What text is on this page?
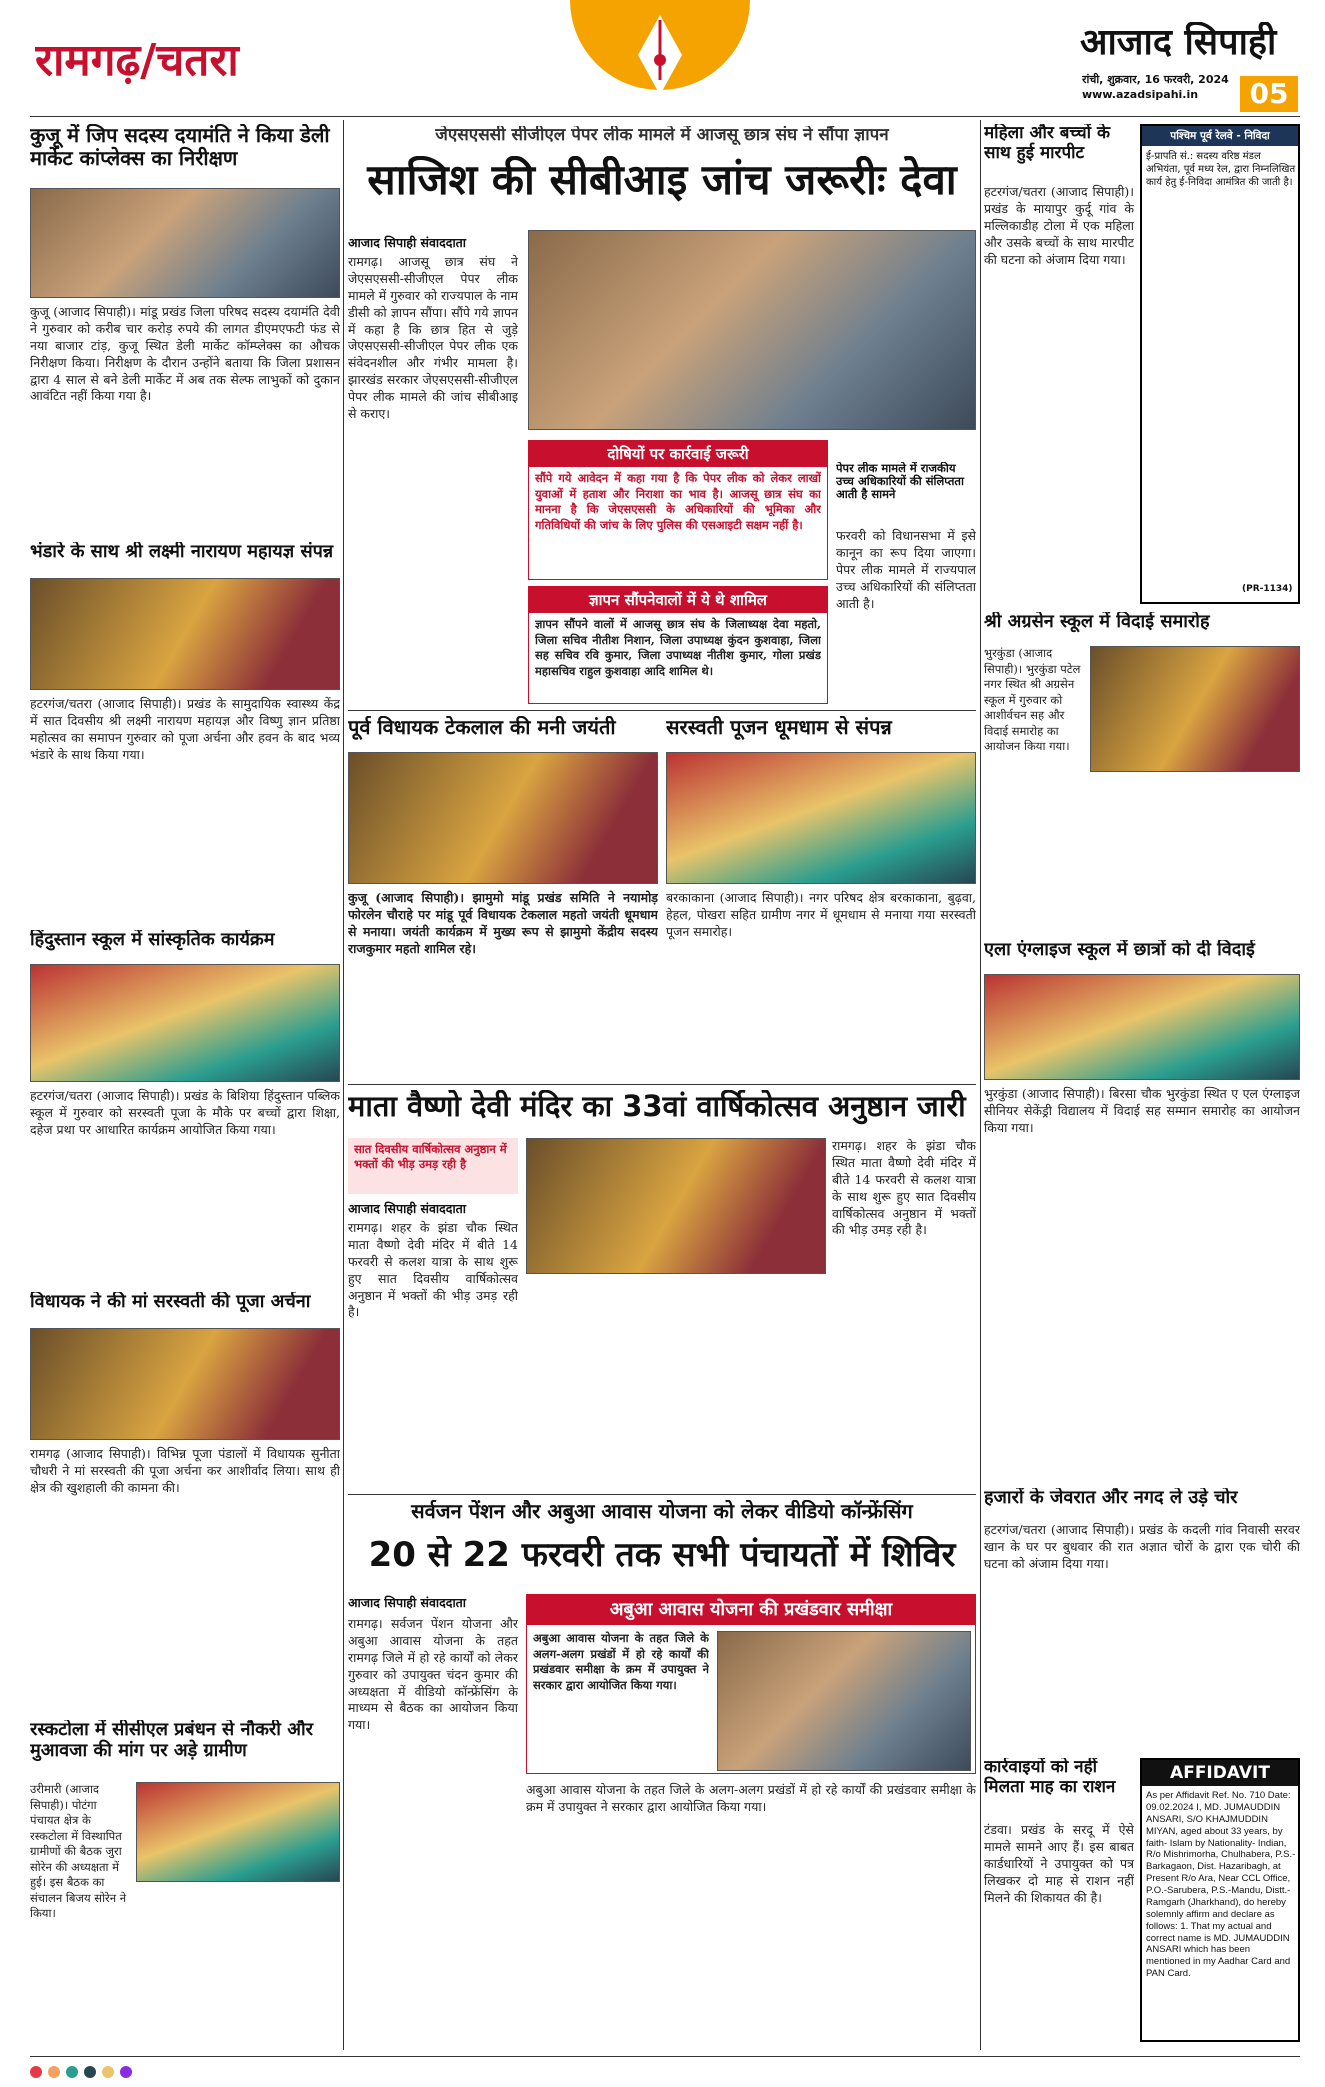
रामगढ़/चतरा	आजाद सिपाही
रांची, शुक्रवार, 16 फरवरी, 2024
www.azadsipahi.in	05
कुजू में जिप सदस्य दयामंति ने किया डेली मार्केट कांप्लेक्स का निरीक्षण
कुजू (आजाद सिपाही)। मांडू प्रखंड जिला परिषद सदस्य दयामंति देवी ने गुरुवार को करीब चार करोड़ रुपये की लागत डीएमएफटी फंड से नया बाजार टांड़, कुजू स्थित डेली मार्केट कॉम्प्लेक्स का औचक निरीक्षण किया। निरीक्षण के दौरान उन्होंने बताया कि जिला प्रशासन द्वारा 4 साल से बने डेली मार्केट में अब तक सेल्फ लाभुकों को दुकान आवंटित नहीं किया गया है।
भंडारे के साथ श्री लक्ष्मी नारायण महायज्ञ संपन्न
हटरगंज/चतरा (आजाद सिपाही)। प्रखंड के सामुदायिक स्वास्थ्य केंद्र में सात दिवसीय श्री लक्ष्मी नारायण महायज्ञ और विष्णु ज्ञान प्रतिष्ठा महोत्सव का समापन गुरुवार को पूजा अर्चना और हवन के बाद भव्य भंडारे के साथ किया गया।
हिंदुस्तान स्कूल में सांस्कृतिक कार्यक्रम
हटरगंज/चतरा (आजाद सिपाही)। प्रखंड के बिशिया हिंदुस्तान पब्लिक स्कूल में गुरुवार को सरस्वती पूजा के मौके पर बच्चों द्वारा शिक्षा, दहेज प्रथा पर आधारित कार्यक्रम आयोजित किया गया।
विधायक ने की मां सरस्वती की पूजा अर्चना
रामगढ़ (आजाद सिपाही)। विभिन्न पूजा पंडालों में विधायक सुनीता चौधरी ने मां सरस्वती की पूजा अर्चना कर आशीर्वाद लिया। साथ ही क्षेत्र की खुशहाली की कामना की।
रस्कटोला में सीसीएल प्रबंधन से नौकरी और मुआवजा की मांग पर अड़े ग्रामीण
उरीमारी (आजाद सिपाही)। पोटंगा पंचायत क्षेत्र के रस्कटोला में विस्थापित ग्रामीणों की बैठक जुरा सोरेन की अध्यक्षता में हुई। इस बैठक का संचालन बिजय सोरेन ने किया।
जेएसएससी सीजीएल पेपर लीक मामले में आजसू छात्र संघ ने सौंपा ज्ञापन
साजिश की सीबीआइ जांच जरूरीः देवा
आजाद सिपाही संवाददाता
रामगढ़। आजसू छात्र संघ ने जेएसएससी-सीजीएल पेपर लीक मामले में गुरुवार को राज्यपाल के नाम डीसी को ज्ञापन सौंपा। सौंपे गये ज्ञापन में कहा है कि छात्र हित से जुड़े जेएसएससी-सीजीएल पेपर लीक एक संवेदनशील और गंभीर मामला है। झारखंड सरकार जेएसएससी-सीजीएल पेपर लीक मामले की जांच सीबीआइ से कराए।
दोषियों पर कार्रवाई जरूरी
सौंपे गये आवेदन में कहा गया है कि पेपर लीक को लेकर लाखों युवाओं में हताश और निराशा का भाव है। आजसू छात्र संघ का मानना है कि जेएसएससी के अधिकारियों की भूमिका और गतिविधियों की जांच के लिए पुलिस की एसआइटी सक्षम नहीं है।
ज्ञापन सौंपनेवालों में ये थे शामिल
ज्ञापन सौंपने वालों में आजसू छात्र संघ के जिलाध्यक्ष देवा महतो, जिला सचिव नीतीश निशान, जिला उपाध्यक्ष कुंदन कुशवाहा, जिला सह सचिव रवि कुमार, जिला उपाध्यक्ष नीतीश कुमार, गोला प्रखंड महासचिव राहुल कुशवाहा आदि शामिल थे।
पेपर लीक मामले में राजकीय उच्च अधिकारियों की संलिप्तता आती है सामने
फरवरी को विधानसभा में इसे कानून का रूप दिया जाएगा। पेपर लीक मामले में राज्यपाल उच्च अधिकारियों की संलिप्तता आती है।
पूर्व विधायक टेकलाल की मनी जयंती
कुजू (आजाद सिपाही)। झामुमो मांडू प्रखंड समिति ने नयामोड़ फोरलेन चौराहे पर मांडू पूर्व विधायक टेकलाल महतो जयंती धूमधाम से मनाया। जयंती कार्यक्रम में मुख्य रूप से झामुमो केंद्रीय सदस्य राजकुमार महतो शामिल रहे।
सरस्वती पूजन धूमधाम से संपन्न
बरकाकाना (आजाद सिपाही)। नगर परिषद क्षेत्र बरकाकाना, बुढ़वा, हेहल, पोखरा सहित ग्रामीण नगर में धूमधाम से मनाया गया सरस्वती पूजन समारोह।
माता वैष्णो देवी मंदिर का 33वां वार्षिकोत्सव अनुष्ठान जारी
सात दिवसीय वार्षिकोत्सव अनुष्ठान में भक्तों की भीड़ उमड़ रही है
आजाद सिपाही संवाददाता
रामगढ़। शहर के झंडा चौक स्थित माता वैष्णो देवी मंदिर में बीते 14 फरवरी से कलश यात्रा के साथ शुरू हुए सात दिवसीय वार्षिकोत्सव अनुष्ठान में भक्तों की भीड़ उमड़ रही है।
रामगढ़। शहर के झंडा चौक स्थित माता वैष्णो देवी मंदिर में बीते 14 फरवरी से कलश यात्रा के साथ शुरू हुए सात दिवसीय वार्षिकोत्सव अनुष्ठान में भक्तों की भीड़ उमड़ रही है।
सर्वजन पेंशन और अबुआ आवास योजना को लेकर वीडियो कॉन्फ्रेंसिंग
20 से 22 फरवरी तक सभी पंचायतों में शिविर
आजाद सिपाही संवाददाता
रामगढ़। सर्वजन पेंशन योजना और अबुआ आवास योजना के तहत रामगढ़ जिले में हो रहे कार्यों को लेकर गुरुवार को उपायुक्त चंदन कुमार की अध्यक्षता में वीडियो कॉन्फ्रेंसिंग के माध्यम से बैठक का आयोजन किया गया।
अबुआ आवास योजना की प्रखंडवार समीक्षा
अबुआ आवास योजना के तहत जिले के अलग-अलग प्रखंडों में हो रहे कार्यों की प्रखंडवार समीक्षा के क्रम में उपायुक्त ने सरकार द्वारा आयोजित किया गया।
अबुआ आवास योजना के तहत जिले के अलग-अलग प्रखंडों में हो रहे कार्यों की प्रखंडवार समीक्षा के क्रम में उपायुक्त ने सरकार द्वारा आयोजित किया गया।
महिला और बच्चों के साथ हुई मारपीट
हटरगंज/चतरा (आजाद सिपाही)। प्रखंड के मायापुर कुर्दू गांव के मल्लिकाडीह टोला में एक महिला और उसके बच्चों के साथ मारपीट की घटना को अंजाम दिया गया।
पश्चिम पूर्व रेलवे - निविदा
ई-प्रापति सं.: सदस्य वरिष्ठ मंडल अभियंता, पूर्व मध्य रेल, द्वारा निम्नलिखित कार्य हेतु ई-निविदा आमंत्रित की जाती है।
(PR-1134)
श्री अग्रसेन स्कूल में विदाई समारोह
भुरकुंडा (आजाद सिपाही)। भुरकुंडा पटेल नगर स्थित श्री अग्रसेन स्कूल में गुरुवार को आशीर्वचन सह और विदाई समारोह का आयोजन किया गया।
एला एंग्लाइज स्कूल में छात्रों को दी विदाई
भुरकुंडा (आजाद सिपाही)। बिरसा चौक भुरकुंडा स्थित ए एल एंग्लाइज सीनियर सेकेंड्री विद्यालय में विदाई सह सम्मान समारोह का आयोजन किया गया।
हजारों के जेवरात और नगद ले उड़े चोर
हटरगंज/चतरा (आजाद सिपाही)। प्रखंड के कदली गांव निवासी सरवर खान के घर पर बुधवार की रात अज्ञात चोरों के द्वारा एक चोरी की घटना को अंजाम दिया गया।
कार्रवाइयों को नहीं मिलता माह का राशन
टंडवा। प्रखंड के सरदू में ऐसे मामले सामने आए हैं। इस बाबत कार्डधारियों ने उपायुक्त को पत्र लिखकर दो माह से राशन नहीं मिलने की शिकायत की है।
AFFIDAVIT
As per Affidavit Ref. No. 710 Date: 09.02.2024 I, MD. JUMAUDDIN ANSARI, S/O KHAJMUDDIN MIYAN, aged about 33 years, by faith- Islam by Nationality- Indian, R/o Mishrimorha, Chulhabera, P.S.-Barkagaon, Dist. Hazaribagh, at Present R/o Ara, Near CCL Office, P.O.-Sarubera, P.S.-Mandu, Distt.-Ramgarh (Jharkhand), do hereby solemnly affirm and declare as follows: 1. That my actual and correct name is MD. JUMAUDDIN ANSARI which has been mentioned in my Aadhar Card and PAN Card.
